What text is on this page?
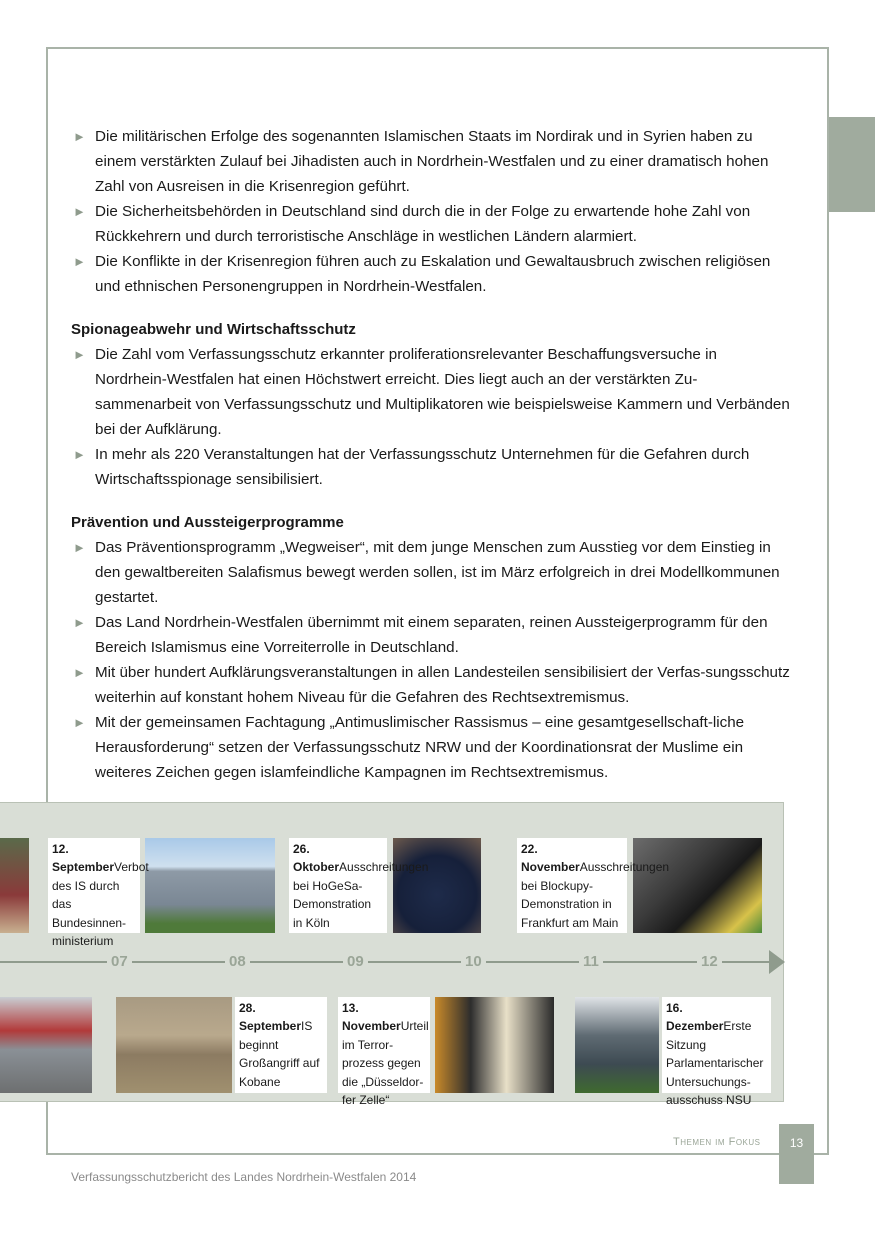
► Die militärischen Erfolge des sogenannten Islamischen Staats im Nordirak und in Syrien haben zu einem verstärkten Zulauf bei Jihadisten auch in Nordrhein-Westfalen und zu einer dramatisch hohen Zahl von Ausreisen in die Krisenregion geführt.
► Die Sicherheitsbehörden in Deutschland sind durch die in der Folge zu erwartende hohe Zahl von Rückkehrern und durch terroristische Anschläge in westlichen Ländern alarmiert.
► Die Konflikte in der Krisenregion führen auch zu Eskalation und Gewaltausbruch zwischen religiösen und ethnischen Personengruppen in Nordrhein-Westfalen.
Spionageabwehr und Wirtschaftsschutz
► Die Zahl vom Verfassungsschutz erkannter proliferationsrelevanter Beschaffungsversuche in Nordrhein-Westfalen hat einen Höchstwert erreicht. Dies liegt auch an der verstärkten Zu-sammenarbeit von Verfassungsschutz und Multiplikatoren wie beispielsweise Kammern und Verbänden bei der Aufklärung.
► In mehr als 220 Veranstaltungen hat der Verfassungsschutz Unternehmen für die Gefahren durch Wirtschaftsspionage sensibilisiert.
Prävention und Aussteigerprogramme
► Das Präventionsprogramm „Wegweiser“, mit dem junge Menschen zum Ausstieg vor dem Einstieg in den gewaltbereiten Salafismus bewegt werden sollen, ist im März erfolgreich in drei Modellkommunen gestartet.
► Das Land Nordrhein-Westfalen übernimmt mit einem separaten, reinen Aussteigerprogramm für den Bereich Islamismus eine Vorreiterrolle in Deutschland.
► Mit über hundert Aufklärungsveranstaltungen in allen Landesteilen sensibilisiert der Verfas-sungsschutz weiterhin auf konstant hohem Niveau für die Gefahren des Rechtsextremismus.
► Mit der gemeinsamen Fachtagung „Antimuslimischer Rassismus – eine gesamtgesellschaft-liche Herausforderung“ setzen der Verfassungsschutz NRW und der Koordinationsrat der Muslime ein weiteres Zeichen gegen islamfeindliche Kampagnen im Rechtsextremismus.
12. SeptemberVerbot des IS durch das Bundesinnen-ministerium
26. OktoberAusschreitungen bei HoGeSa-Demonstration in Köln
22. NovemberAusschreitungen bei Blockupy-Demonstration in Frankfurt am Main
07	08	09	10	11	12
28. SeptemberIS beginnt Großangriff auf Kobane
13. NovemberUrteil im Terror-prozess gegen die „Düsseldor-fer Zelle“
16. DezemberErste Sitzung Parlamentarischer Untersuchungs-ausschuss NSU
Themen im Fokus	13
Verfassungsschutzbericht des Landes Nordrhein-Westfalen 2014
